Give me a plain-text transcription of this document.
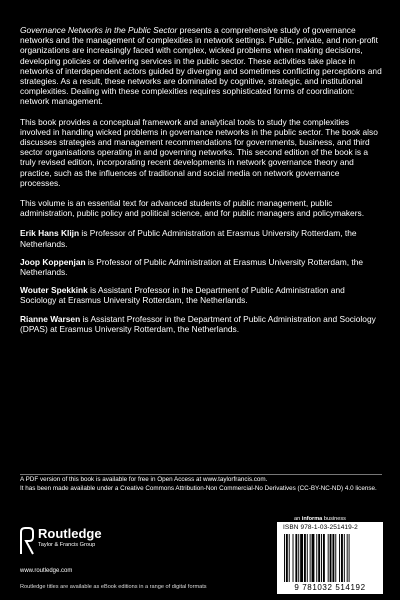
Governance Networks in the Public Sector presents a comprehensive study of governance networks and the management of complexities in network settings. Public, private, and non-profit organizations are increasingly faced with complex, wicked problems when making decisions, developing policies or delivering services in the public sector. These activities take place in networks of interdependent actors guided by diverging and sometimes conflicting perceptions and strategies. As a result, these networks are dominated by cognitive, strategic, and institutional complexities. Dealing with these complexities requires sophisticated forms of coordination: network management.

This book provides a conceptual framework and analytical tools to study the complexities involved in handling wicked problems in governance networks in the public sector. The book also discusses strategies and management recommendations for governments, business, and third sector organisations operating in and governing networks. This second edition of the book is a truly revised edition, incorporating recent developments in network governance theory and practice, such as the influences of traditional and social media on network governance processes.

This volume is an essential text for advanced students of public management, public administration, public policy and political science, and for public managers and policymakers.

Erik Hans Klijn is Professor of Public Administration at Erasmus University Rotterdam, the Netherlands.

Joop Koppenjan is Professor of Public Administration at Erasmus University Rotterdam, the Netherlands.

Wouter Spekkink is Assistant Professor in the Department of Public Administration and Sociology at Erasmus University Rotterdam, the Netherlands.

Rianne Warsen is Assistant Professor in the Department of Public Administration and Sociology (DPAS) at Erasmus University Rotterdam, the Netherlands.

A PDF version of this book is available for free in Open Access at www.taylorfrancis.com.
It has been made available under a Creative Commons Attribution-Non Commercial-No Derivatives (CC-BY-NC-ND) 4.0 license.
Routledge
Taylor & Francis Group
www.routledge.com
an informa business
ISBN 978-1-03-251419-2
9 781032 514192
Routledge titles are available as eBook editions in a range of digital formats
